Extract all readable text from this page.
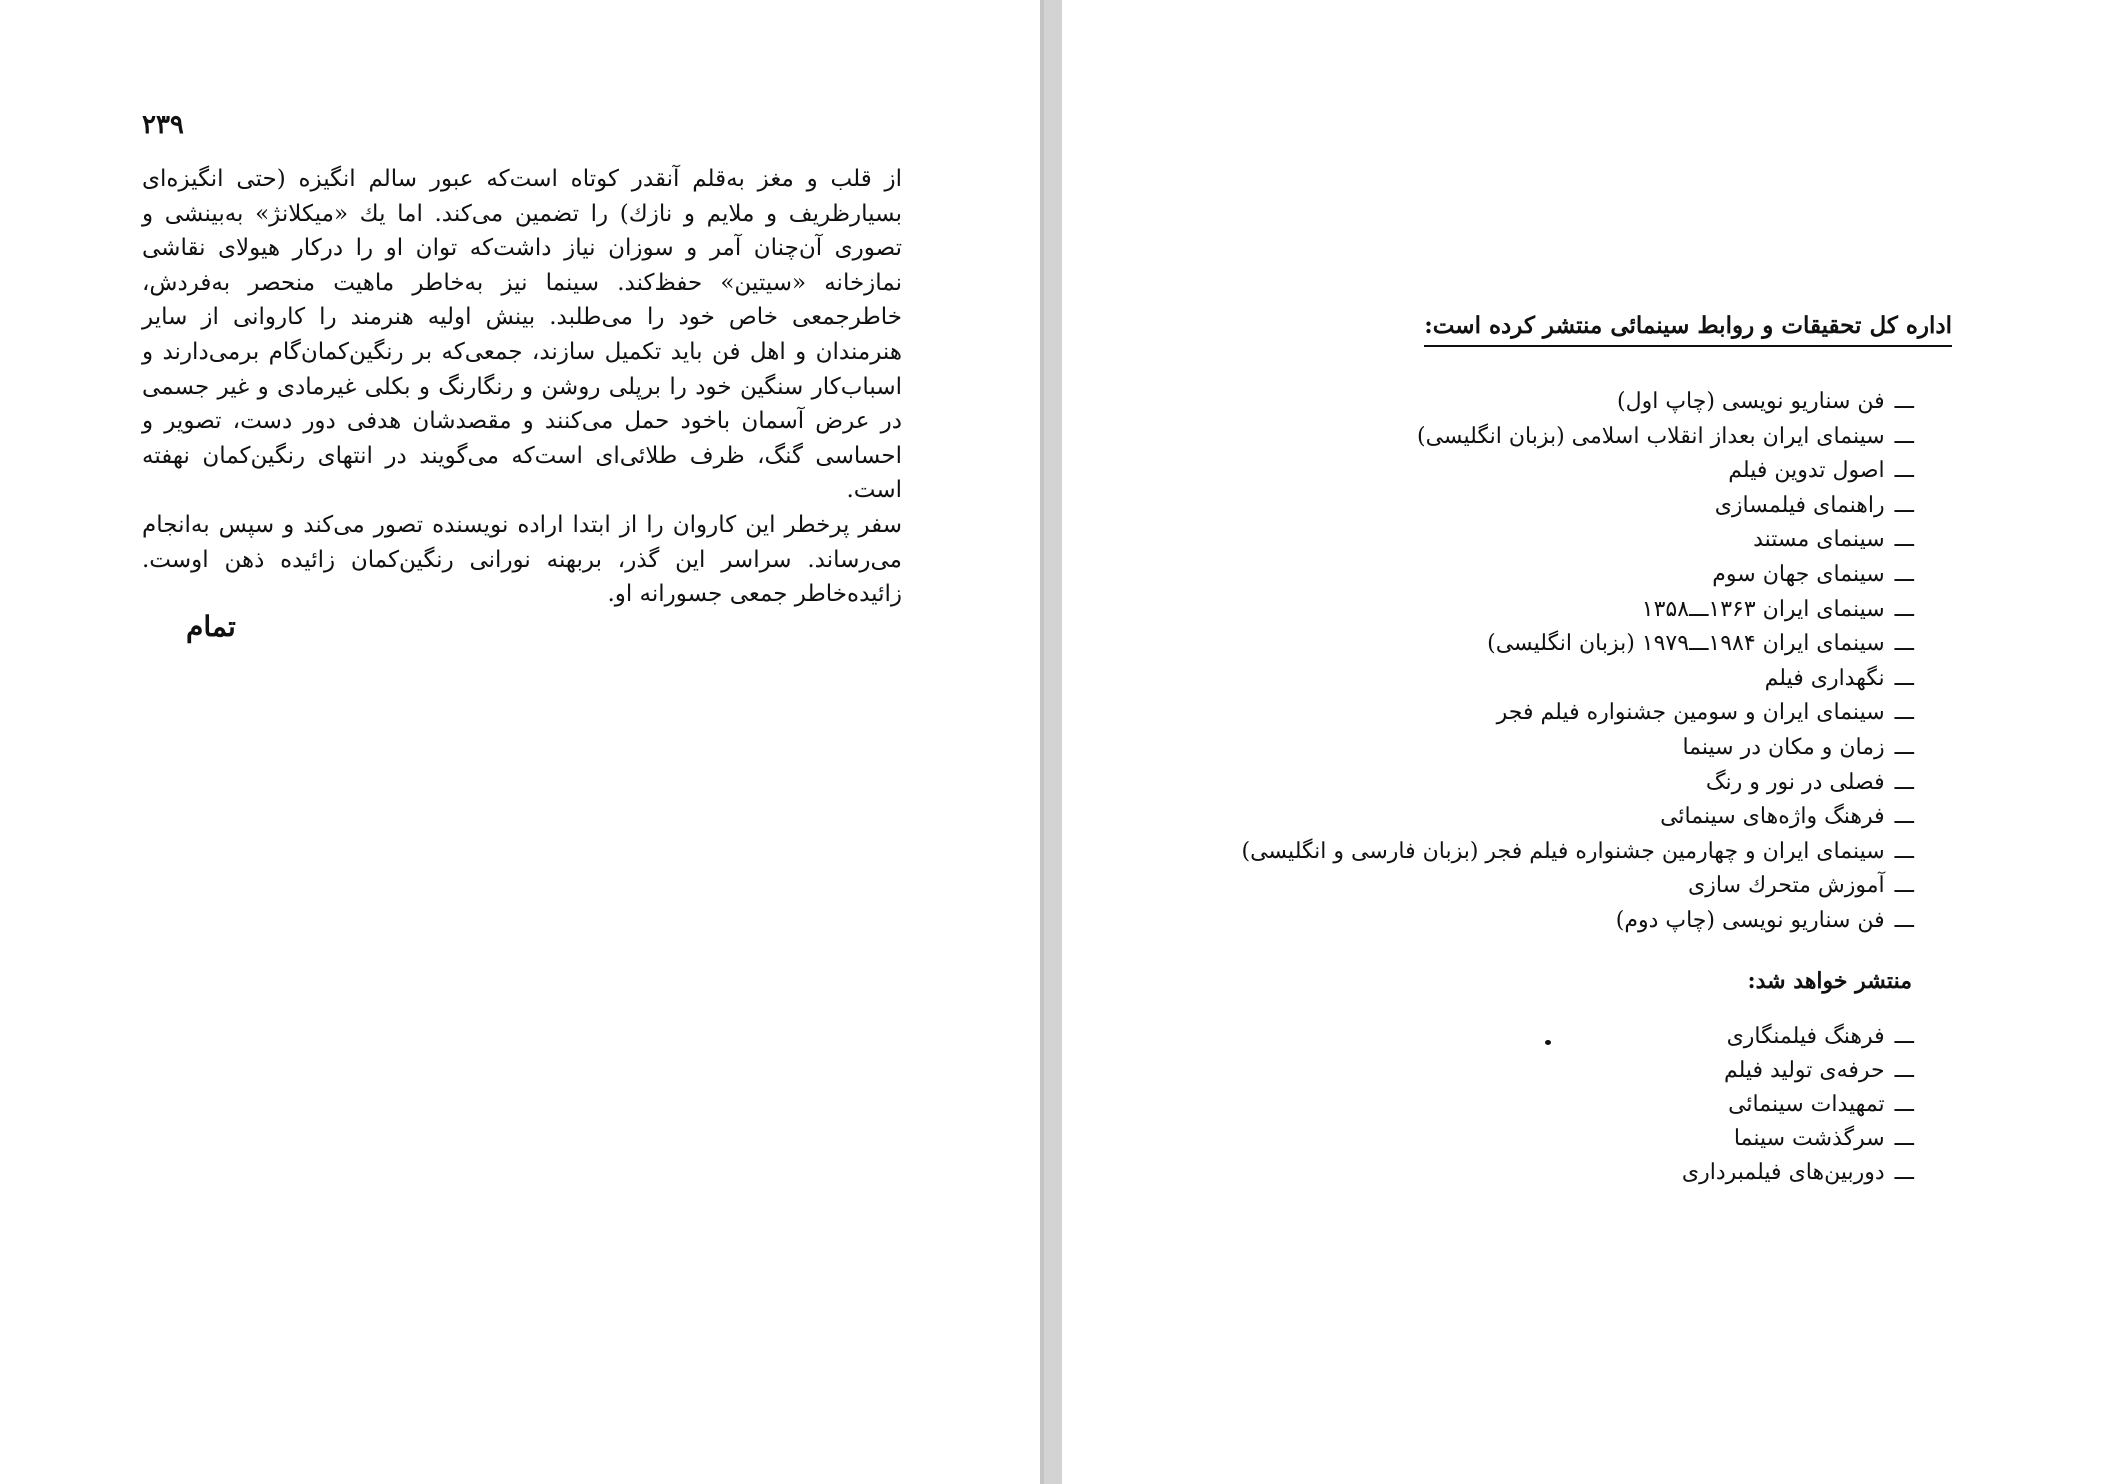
۲۳۹

از قلب و مغز به‌قلم آنقدر کوتاه است‌که عبور سالم انگیزه (حتی انگیزه‌ای بسیارظریف و ملایم و نازك) را تضمین می‌کند. اما یك «میکلانژ» به‌بینشی و تصوری آن‌چنان آمر و سوزان نیاز داشت‌که توان او را درکار هیولای نقاشی نمازخانه «سیتین» حفظ‌کند. سینما نیز به‌خاطر ماهیت منحصر به‌فردش، خاطرجمعی خاص خود را می‌طلبد. بینش اولیه هنرمند را کاروانی از سایر هنرمندان و اهل فن باید تکمیل سازند، جمعی‌که بر رنگین‌کمان‌گام برمی‌دارند و اسباب‌کار سنگین خود را برپلی روشن و رنگارنگ و بکلی غیرمادی و غیر جسمی در عرض آسمان باخود حمل می‌کنند و مقصدشان هدفی دور دست، تصویر و احساسی گنگ، ظرف طلائی‌ای است‌که می‌گویند در انتهای رنگین‌کمان نهفته است.

سفر پرخطر این کاروان را از ابتدا اراده نویسنده تصور می‌کند و سپس به‌انجام می‌رساند. سراسر این گذر، بربهنه نورانی رنگین‌کمان زائیده ذهن اوست. زائیده‌خاطر جمعی جسورانه او.

تمام
اداره کل تحقیقات و روابط سینمائی منتشر کرده است:
ـــفن سناریو نویسی (چاپ اول)
ـــسینمای ایران بعداز انقلاب اسلامی (بزبان انگلیسی)
ـــاصول تدوین فیلم
ـــراهنمای فیلمسازی
ـــسینمای مستند
ـــسینمای جهان سوم
ـــسینمای ایران ۱۳۶۳ـــ۱۳۵۸
ـــسینمای ایران ۱۹۸۴ـــ۱۹۷۹ (بزبان انگلیسی)
ـــنگهداری فیلم
ـــسینمای ایران و سومین جشنواره فیلم فجر
ـــزمان و مکان در سینما
ـــفصلی در نور و رنگ
ـــفرهنگ واژه‌های سینمائی
ـــسینمای ایران و چهارمین جشنواره فیلم فجر (بزبان فارسی و انگلیسی)
ـــآموزش متحرك سازی
ـــفن سناریو نویسی (چاپ دوم)
منتشر خواهد شد:
ـــفرهنگ فیلمنگاری
ـــحرفه‌ی تولید فیلم
ـــتمهیدات سینمائی
ـــسرگذشت سینما
ـــدوربین‌های فیلمبرداری
